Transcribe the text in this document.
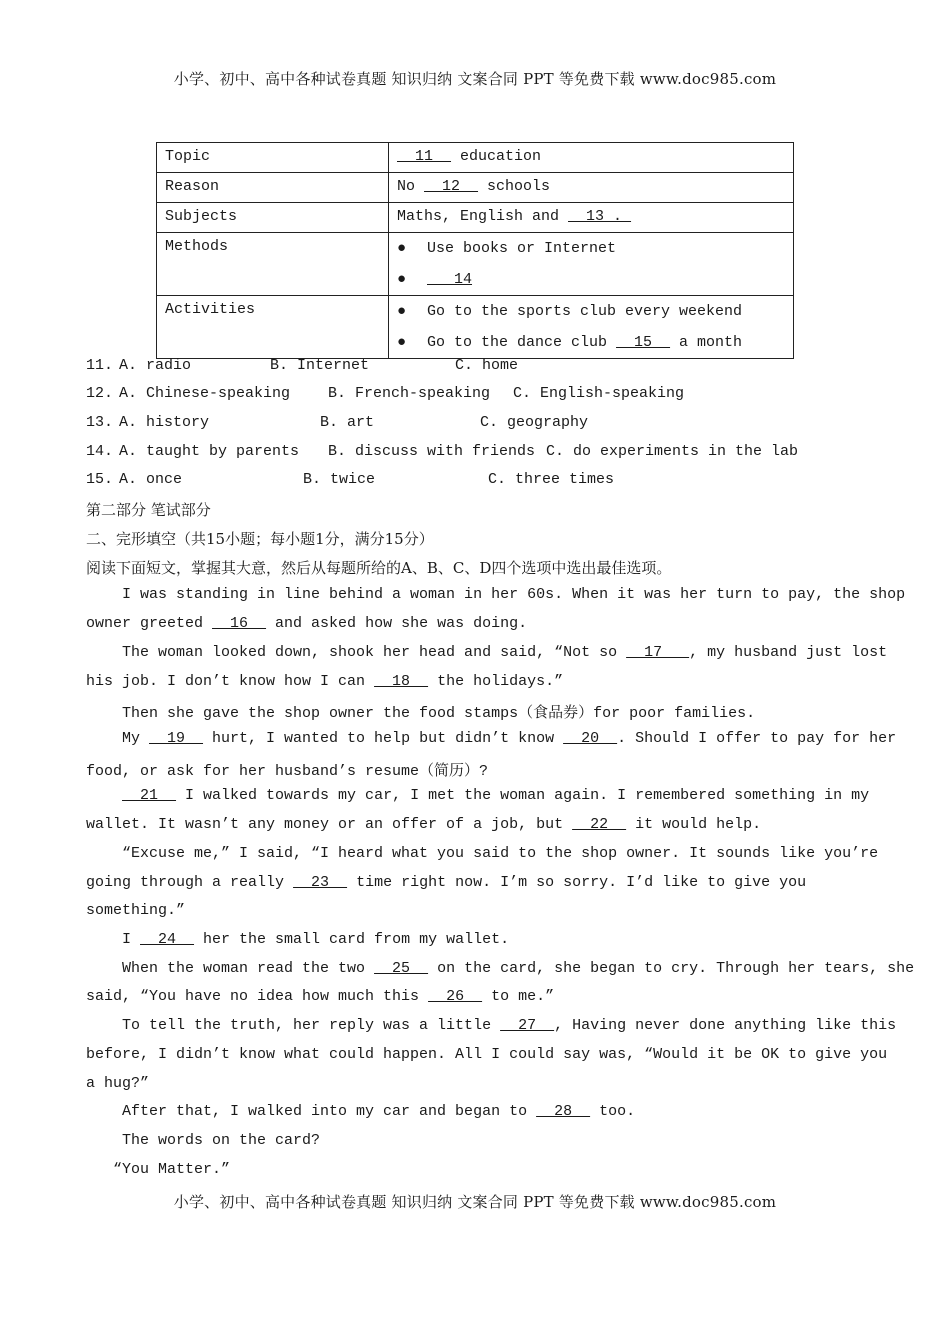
小学、初中、高中各种试卷真题 知识归纳 文案合同 PPT 等免费下载 www.doc985.com
Topic	11   education
Reason	No   12   schools
Subjects	Maths, English and   13 .
Methods	● Use books or Internet
●   14

Activities	● Go to the sports club every weekend
● Go to the dance club   15   a month
11. A. radio	B. Internet	C. home
12. A. Chinese-speaking	B. French-speaking C. English-speaking
13. A. history	B. art	C. geography
14. A. taught by parents B. discuss with friends C. do experiments in the lab
15. A. once	B. twice	C. three times
第二部分 笔试部分
二、完形填空（共15小题；每小题1分，满分15分）
阅读下面短文，掌握其大意，然后从每题所给的A、B、C、D四个选项中选出最佳选项。
I was standing in line behind a woman in her 60s. When it was her turn to pay, the shop
owner greeted   16   and asked how she was doing.
The woman looked down, shook her head and said, “Not so   17   , my husband just lost
his job. I don’t know how I can   18   the holidays.”
Then she gave the shop owner the food stamps（食品券）for poor families.
My   19   hurt, I wanted to help but didn’t know   20  . Should I offer to pay for her
food, or ask for her husband’s resume（简历）?
21   I walked towards my car, I met the woman again. I remembered something in my
wallet. It wasn’t any money or an offer of a job, but   22   it would help.
“Excuse me,” I said, “I heard what you said to the shop owner. It sounds like you’re
going through a really   23   time right now. I’m so sorry. I’d like to give you
something.”
I   24   her the small card from my wallet.
When the woman read the two   25   on the card, she began to cry. Through her tears, she
said, “You have no idea how much this   26   to me.”
To tell the truth, her reply was a little   27  , Having never done anything like this
before, I didn’t know what could happen. All I could say was, “Would it be OK to give you
a hug?”
After that, I walked into my car and began to   28   too.
The words on the card?
“You Matter.”
小学、初中、高中各种试卷真题 知识归纳 文案合同 PPT 等免费下载 www.doc985.com
